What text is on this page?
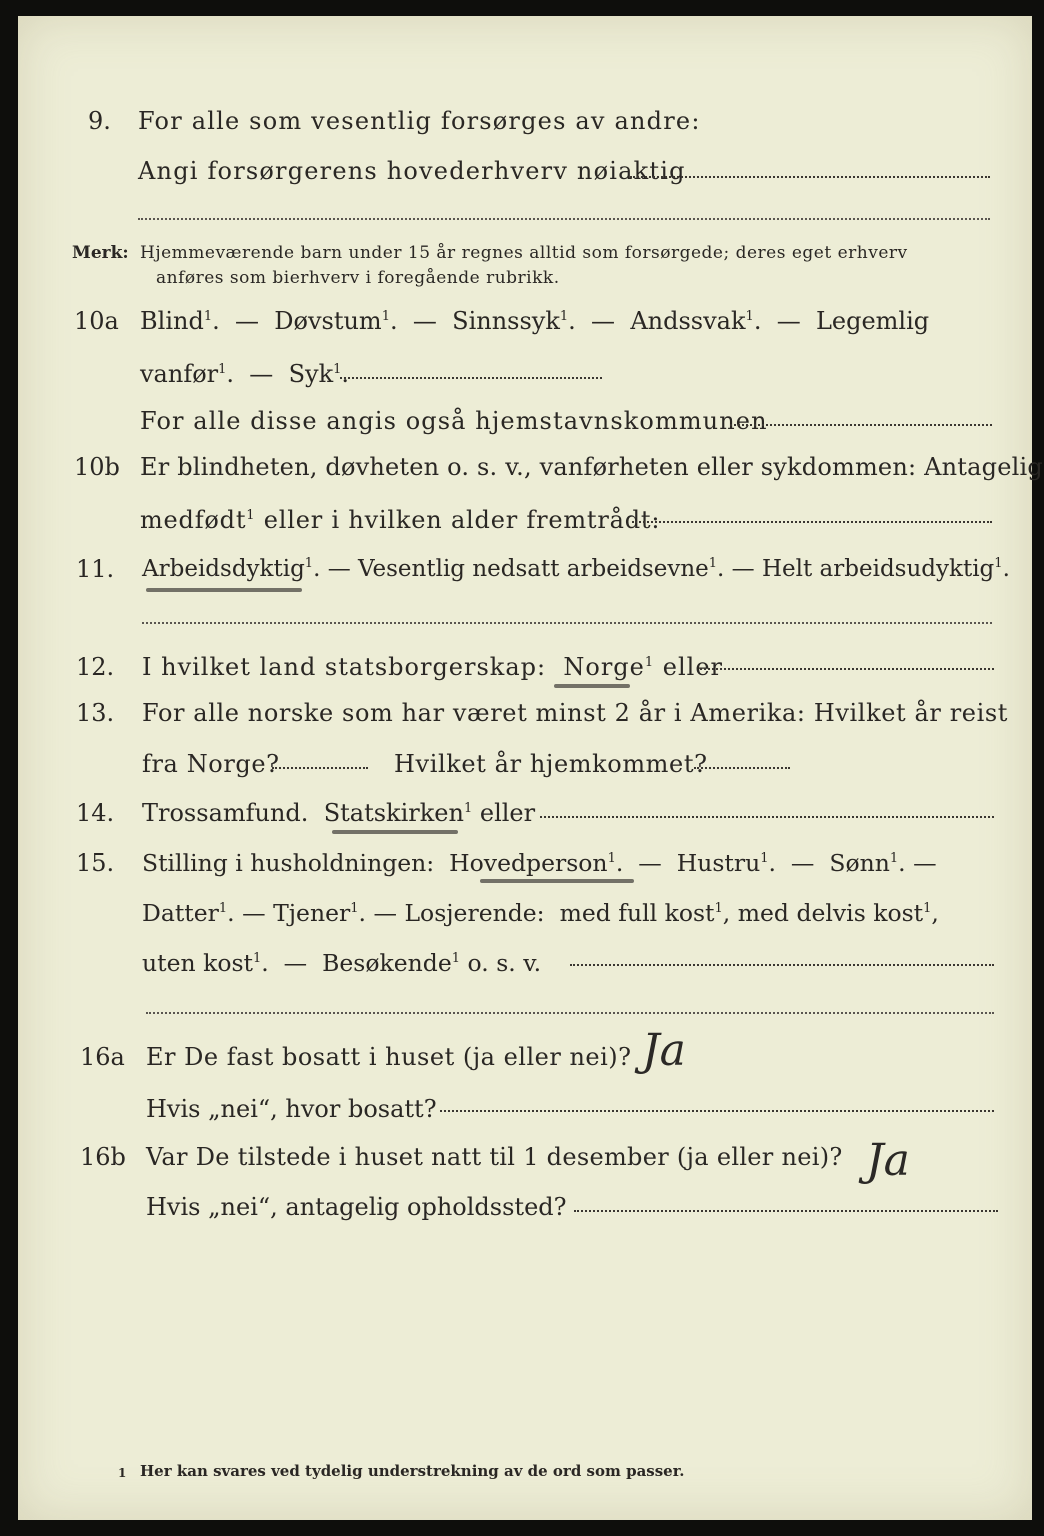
9. For alle som vesentlig forsørges av andre:
Angi forsørgerens hovederhverv nøiaktig
Merk: Hjemmeværende barn under 15 år regnes alltid som forsørgede; deres eget erhverv
anføres som bierhverv i foregående rubrikk.
10a Blind$^1$.  —  Døvstum$^1$.  —  Sinnssyk$^1$.  —  Andssvak$^1$.  —  Legemlig
vanfør$^1$.  —  Syk$^1$.
For alle disse angis også hjemstavnskommunen
10b Er blindheten, døvheten o. s. v., vanførheten eller sykdommen: Antagelig
medfødt$^1$ eller i hvilken alder fremtrådt:
11. Arbeidsdyktig$^1$. — Vesentlig nedsatt arbeidsevne$^1$. — Helt arbeidsudyktig$^1$.
12. I hvilket land statsborgerskap: Norge$^1$ eller
13. For alle norske som har været minst 2 år i Amerika: Hvilket år reist
fra Norge?	Hvilket år hjemkommet?
14. Trossamfund. Statskirken$^1$ eller
15. Stilling i husholdningen: Hovedperson$^1$.  —  Hustru$^1$.  —  Sønn$^1$. —
Datter$^1$. — Tjener$^1$. — Losjerende: med full kost$^1$, med delvis kost$^1$,
uten kost$^1$.  —  Besøkende$^1$ o. s. v.
16a Er De fast bosatt i huset (ja eller nei)? Ja
Hvis „nei“, hvor bosatt?
16b Var De tilstede i huset natt til 1 desember (ja eller nei)? Ja
Hvis „nei“, antagelig opholdssted?
1 Her kan svares ved tydelig understrekning av de ord som passer.
